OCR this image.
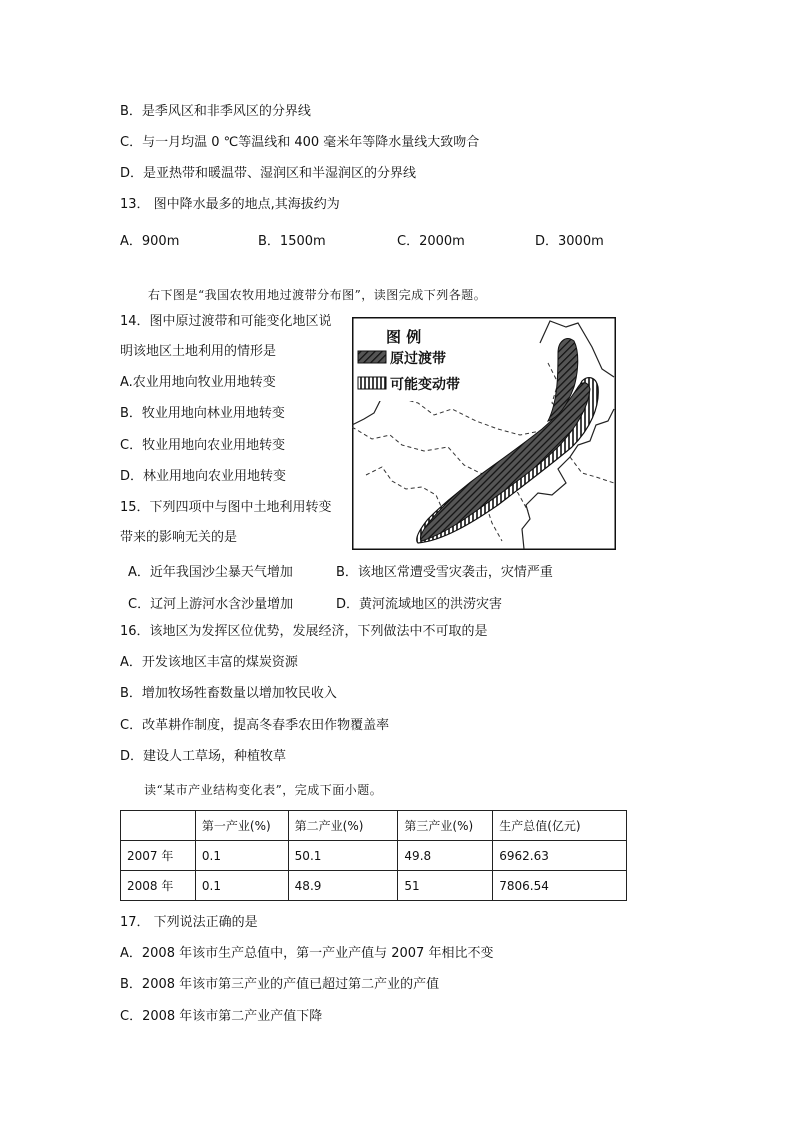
B．是季风区和非季风区的分界线
C．与一月均温 0 ℃等温线和 400 毫米年等降水量线大致吻合
D．是亚热带和暖温带、湿润区和半湿润区的分界线
13． 图中降水最多的地点,其海拔约为
A．900m	B．1500m	C．2000m	D．3000m
右下图是“我国农牧用地过渡带分布图”，读图完成下列各题。
14．图中原过渡带和可能变化地区说
明该地区土地利用的情形是
A.农业用地向牧业用地转变
B．牧业用地向林业用地转变
C．牧业用地向农业用地转变
D．林业用地向农业用地转变
15．下列四项中与图中土地利用转变
带来的影响无关的是
图 例
原过渡带
可能变动带
A．近年我国沙尘暴天气增加	B．该地区常遭受雪灾袭击，灾情严重
C．辽河上游河水含沙量增加	D．黄河流域地区的洪涝灾害
16．该地区为发挥区位优势，发展经济，下列做法中不可取的是
A．开发该地区丰富的煤炭资源
B．增加牧场牲畜数量以增加牧民收入
C．改革耕作制度，提高冬春季农田作物覆盖率
D．建设人工草场，种植牧草
读“某市产业结构变化表”，完成下面小题。
	第一产业(%)	第二产业(%)	第三产业(%)	生产总值(亿元)
2007 年	0.1	50.1	49.8	6962.63
2008 年	0.1	48.9	51	7806.54
17． 下列说法正确的是
A．2008 年该市生产总值中，第一产业产值与 2007 年相比不变
B．2008 年该市第三产业的产值已超过第二产业的产值
C．2008 年该市第二产业产值下降
